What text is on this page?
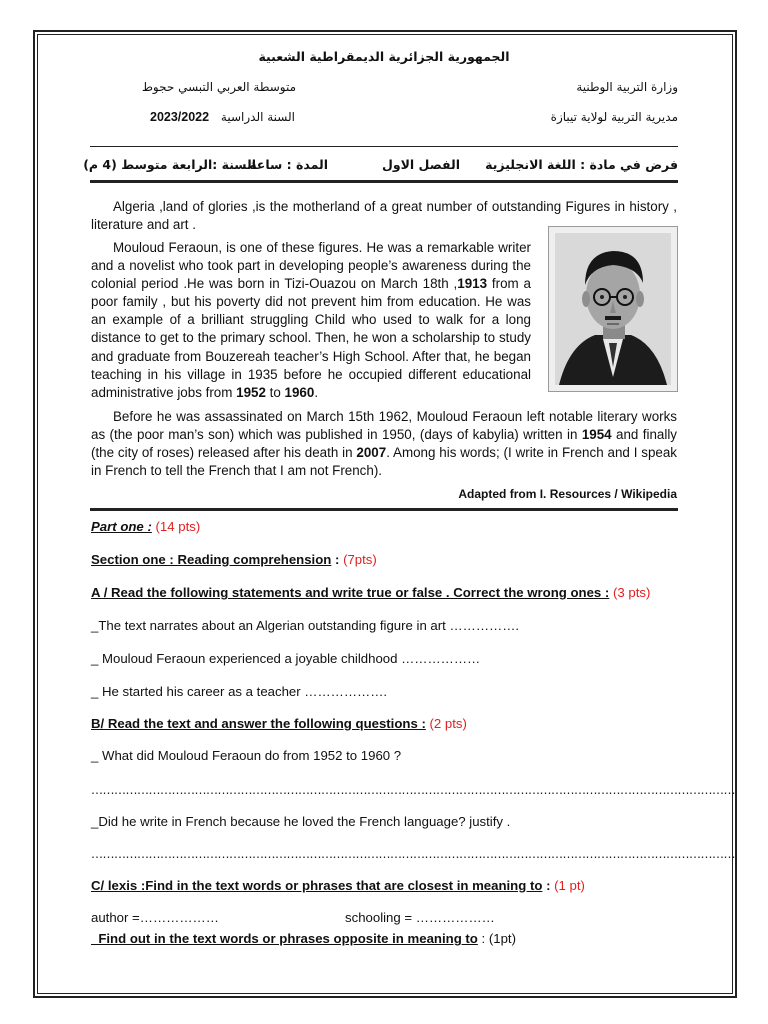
الجمهورية الجزائرية الديمقراطية الشعبية
وزارة التربية الوطنية
متوسطة العربي التبسي حجوط
مديرية التربية لولاية تيبازة
السنة الدراسية
2023/2022
فرض في مادة : اللغة الانجليزية
الفصل الاول
المدة : ساعة
السنة :الرابعة متوسط (4 م)
Algeria ,land of glories ,is the motherland of a great number of outstanding Figures in history , literature and art .
Mouloud Feraoun, is one of these figures. He was a remarkable writer and a novelist who took part in developing people’s awareness during the colonial period .He was born in Tizi-Ouazou on March 18th ,1913 from a poor family , but his poverty did not prevent him from education. He was an example of a brilliant struggling Child who used to walk for a long distance to get to the primary school. Then, he won a scholarship to study and graduate from Bouzereah teacher’s High School. After that, he began teaching in his village in 1935 before he occupied different educational administrative jobs from 1952 to 1960.
Before he was assassinated on March 15th 1962, Mouloud Feraoun left notable literary works as (the poor man’s son) which was published in 1950, (days of kabylia) written in 1954 and finally (the city of roses) released after his death in 2007. Among his words; (I write in French and I speak in French to tell the French that I am not French).
Adapted from I. Resources / Wikipedia
Part one : (14 pts)
Section one : Reading comprehension : (7pts)
A / Read the following statements and write true or false . Correct the wrong ones : (3 pts)
_The text narrates about an Algerian outstanding figure in art …………….
_ Mouloud Feraoun experienced a joyable childhood ………………
_ He started his career as a teacher ……………….
B/ Read the text and answer the following questions : (2 pts)
_ What did Mouloud Feraoun do from 1952 to 1960 ?
……………………………………………………………………………………………………………………………………………………
_Did he write in French because he loved the French language? justify .
……………………………………………………………………………………………………………………………………………………
C/ lexis :Find in the text words or phrases that are closest in meaning to : (1 pt)
author =………………	schooling = ………………
Find out in the text words or phrases opposite in meaning to : (1pt)
